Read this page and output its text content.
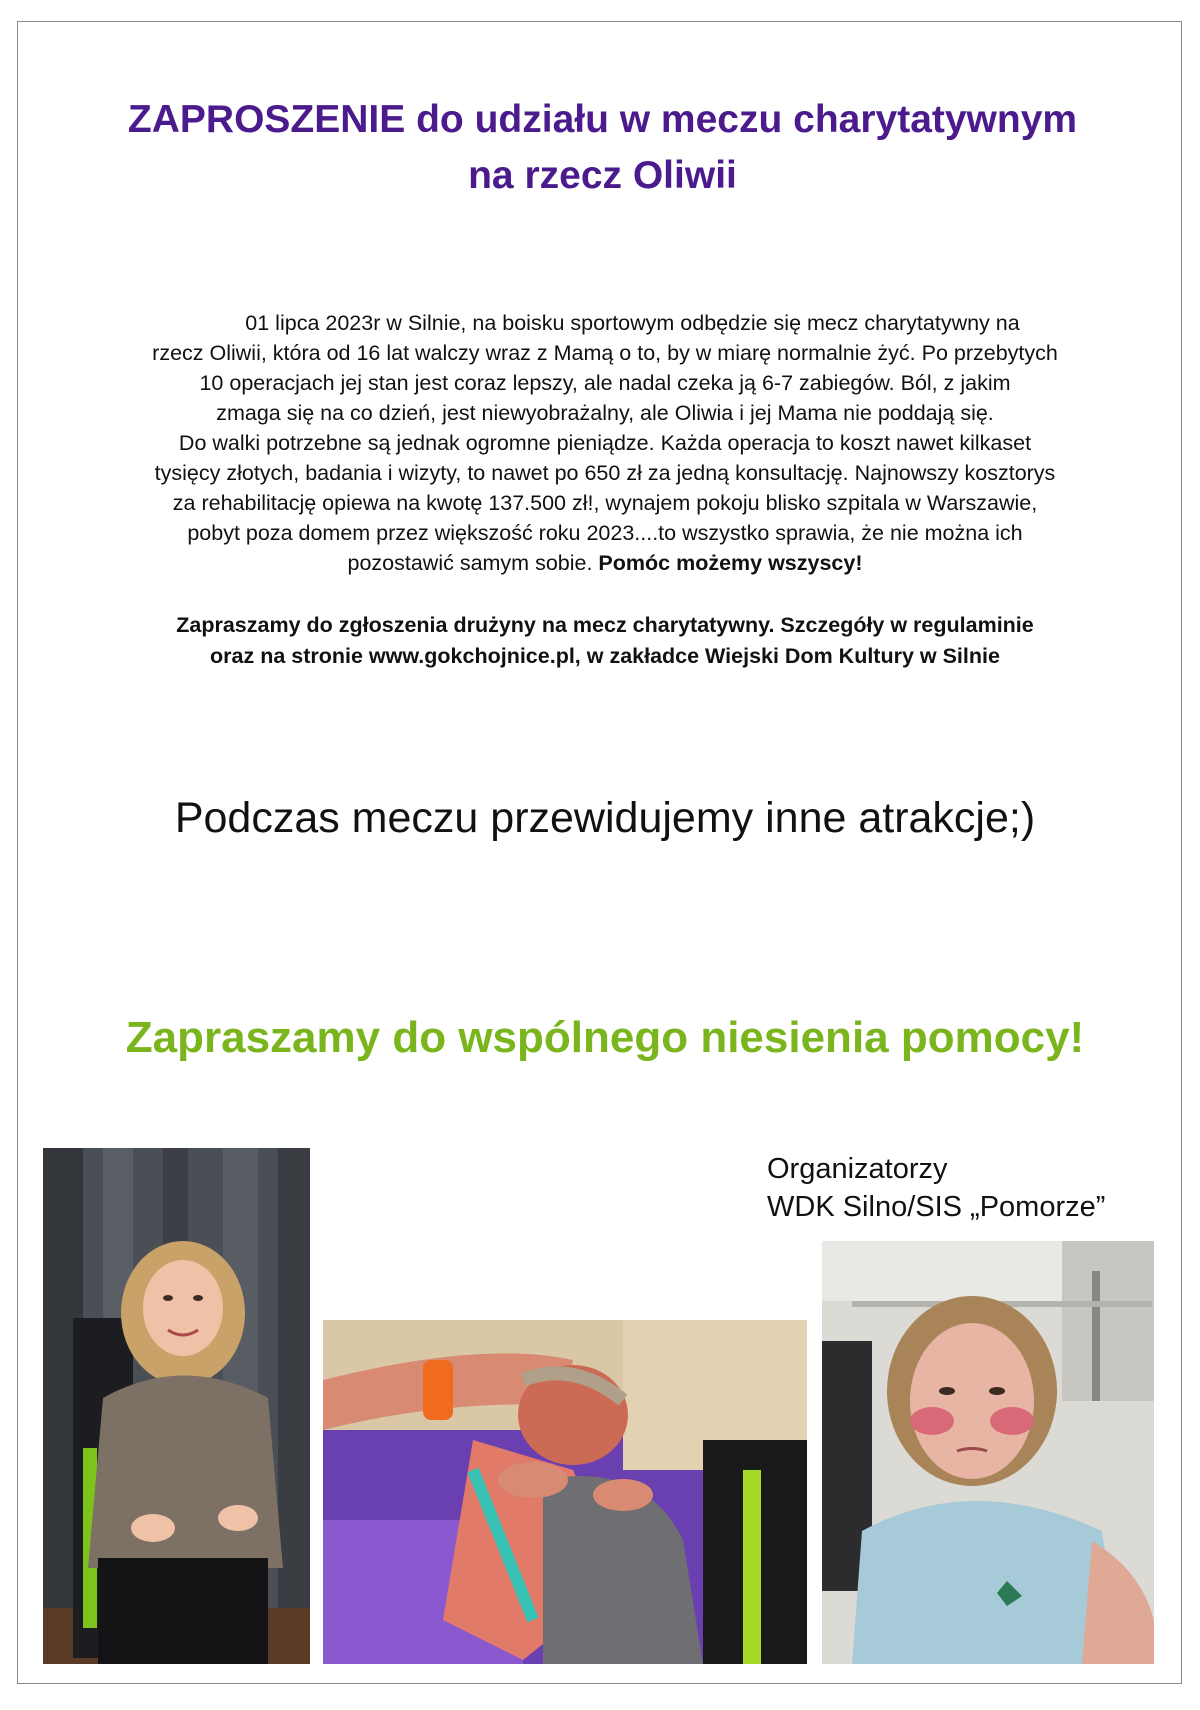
ZAPROSZENIE do udziału w meczu charytatywnym
na rzecz Oliwii

01 lipca 2023r w Silnie, na boisku sportowym odbędzie się mecz charytatywny na
rzecz Oliwii, która od 16 lat walczy wraz z Mamą o to, by w miarę normalnie żyć. Po przebytych
10 operacjach jej stan jest coraz lepszy, ale nadal czeka ją 6-7 zabiegów. Ból, z jakim
zmaga się na co dzień, jest niewyobrażalny, ale Oliwia i jej Mama nie poddają się.
Do walki potrzebne są jednak ogromne pieniądze. Każda operacja to koszt nawet kilkaset
tysięcy złotych, badania i wizyty, to nawet po 650 zł za jedną konsultację. Najnowszy kosztorys
za rehabilitację opiewa na kwotę 137.500 zł!, wynajem pokoju blisko szpitala w Warszawie,
pobyt poza domem przez większość roku 2023....to wszystko sprawia, że nie można ich
pozostawić samym sobie. Pomóc możemy wszyscy!

Zapraszamy do zgłoszenia drużyny na mecz charytatywny. Szczegóły w regulaminie
oraz na stronie www.gokchojnice.pl, w zakładce Wiejski Dom Kultury w Silnie

Podczas meczu przewidujemy inne atrakcje;)

Zapraszamy do wspólnego niesienia pomocy!

Organizatorzy
WDK Silno/SIS „Pomorze”
